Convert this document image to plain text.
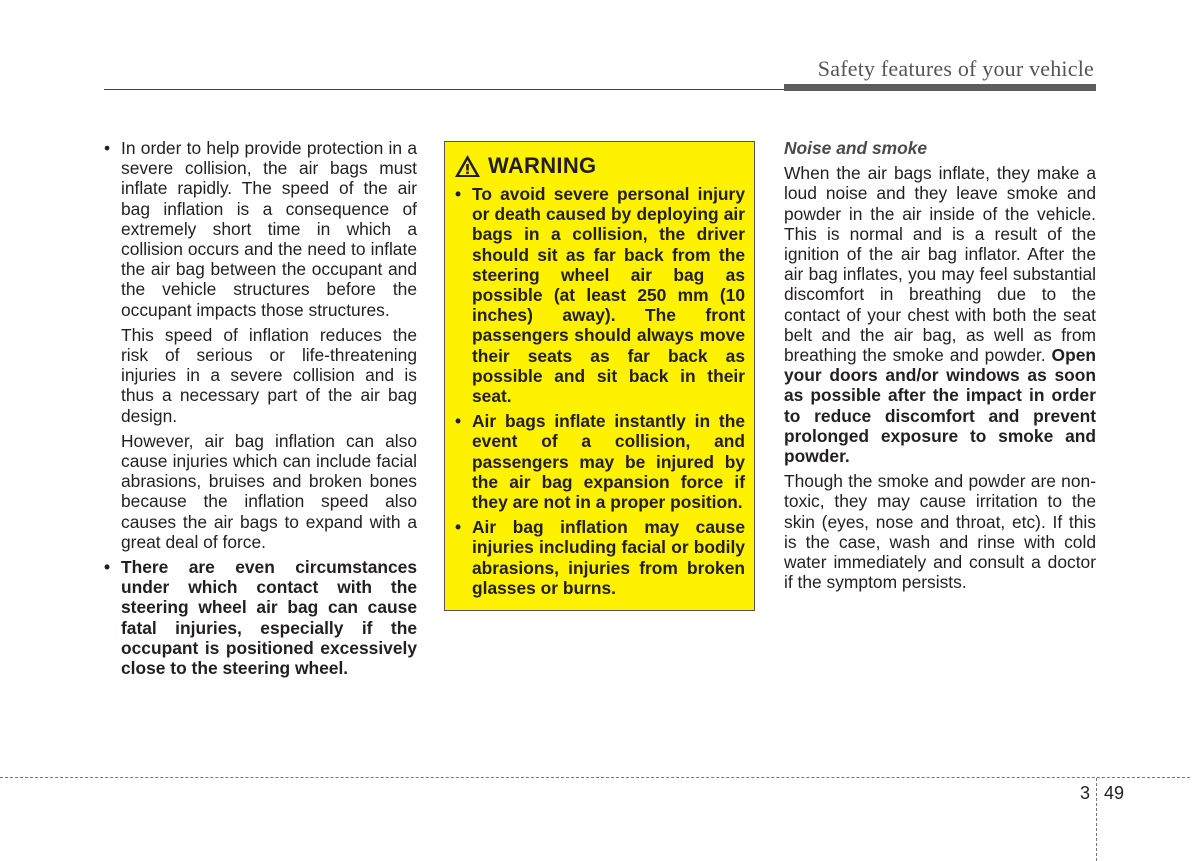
Safety features of your vehicle
• In order to help provide protection in a severe collision, the air bags must inflate rapidly. The speed of the air bag inflation is a consequence of extremely short time in which a collision occurs and the need to inflate the air bag between the occupant and the vehicle structures before the occupant impacts those structures.

This speed of inflation reduces the risk of serious or life-threatening injuries in a severe collision and is thus a necessary part of the air bag design.

However, air bag inflation can also cause injuries which can include facial abrasions, bruises and broken bones because the inflation speed also causes the air bags to expand with a great deal of force.

• There are even circumstances under which contact with the steering wheel air bag can cause fatal injuries, especially if the occupant is positioned excessively close to the steering wheel.

WARNING
• To avoid severe personal injury or death caused by deploying air bags in a collision, the driver should sit as far back from the steering wheel air bag as possible (at least 250 mm (10 inches) away). The front passengers should always move their seats as far back as possible and sit back in their seat.

• Air bags inflate instantly in the event of a collision, and passengers may be injured by the air bag expansion force if they are not in a proper position.

• Air bag inflation may cause injuries including facial or bodily abrasions, injuries from broken glasses or burns.

Noise and smoke

When the air bags inflate, they make a loud noise and they leave smoke and powder in the air inside of the vehicle. This is normal and is a result of the ignition of the air bag inflator. After the air bag inflates, you may feel substantial discomfort in breathing due to the contact of your chest with both the seat belt and the air bag, as well as from breathing the smoke and powder. Open your doors and/or windows as soon as possible after the impact in order to reduce discomfort and prevent prolonged exposure to smoke and powder.

Though the smoke and powder are non-toxic, they may cause irritation to the skin (eyes, nose and throat, etc). If this is the case, wash and rinse with cold water immediately and consult a doctor if the symptom persists.

3 49
